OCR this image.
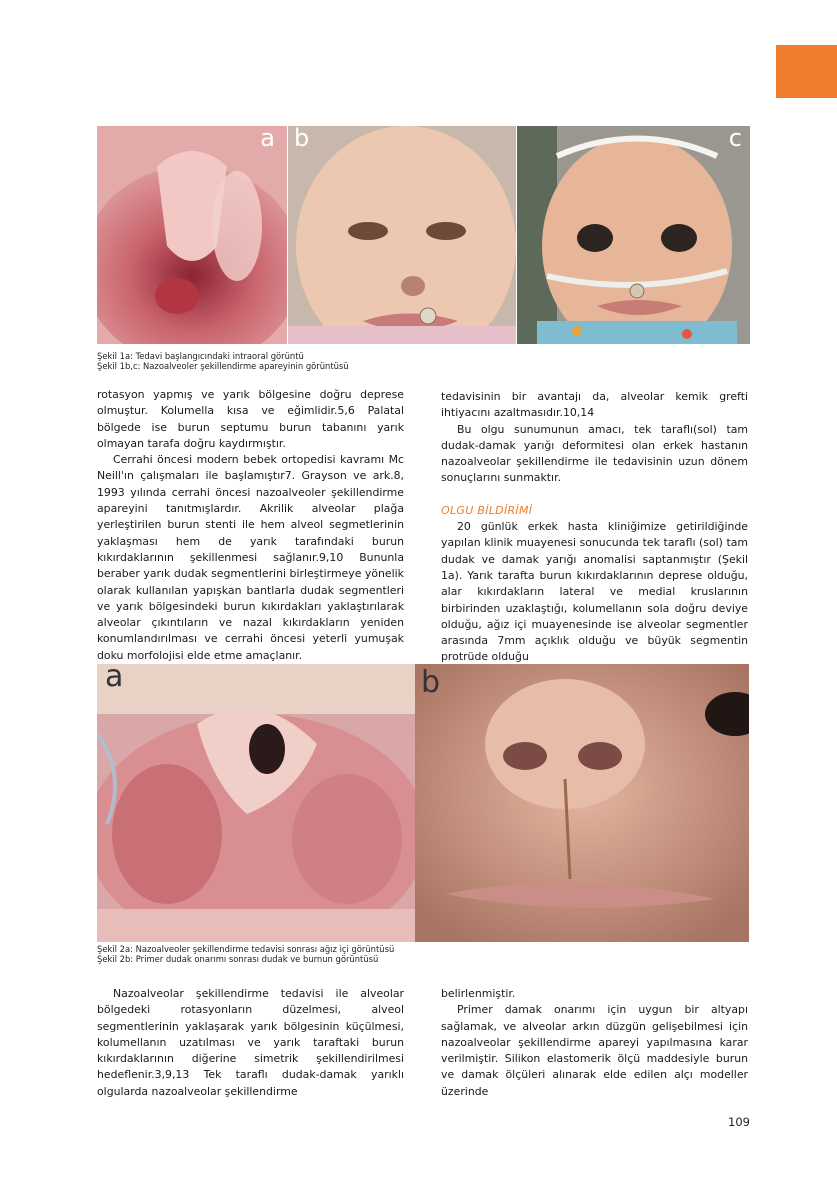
a b	c
Şekil 1a: Tedavi başlangıcındaki intraoral görüntü
Şekil 1b,c: Nazoalveoler şekillendirme apareyinin görüntüsü

rotasyon yapmış ve yarık bölgesine doğru deprese olmuştur. Kolumella kısa ve eğimlidir.5,6 Palatal bölgede ise burun septumu burun tabanını yarık olmayan tarafa doğru kaydırmıştır.

Cerrahi öncesi modern bebek ortopedisi kavramı Mc Neill'ın çalışmaları ile başlamıştır7. Grayson ve ark.8, 1993 yılında cerrahi öncesi nazoalveoler şekillendirme apareyini tanıtmışlardır. Akrilik alveolar plağa yerleştirilen burun stenti ile hem alveol segmetlerinin yaklaşması hem de yarık tarafındaki burun kıkırdaklarının şekillenmesi sağlanır.9,10 Bununla beraber yarık dudak segmentlerini birleştirmeye yönelik olarak kullanılan yapışkan bantlarla dudak segmentleri ve yarık bölgesindeki burun kıkırdakları yaklaştırılarak alveolar çıkıntıların ve nazal kıkırdakların yeniden konumlandırılması ve cerrahi öncesi yeterli yumuşak doku morfolojisi elde etme amaçlanır.

tedavisinin bir avantajı da, alveolar kemik grefti ihtiyacını azaltmasıdır.10,14

Bu olgu sunumunun amacı, tek taraflı(sol) tam dudak-damak yarığı deformitesi olan erkek hastanın nazoalveolar şekillendirme ile tedavisinin uzun dönem sonuçlarını sunmaktır.

OLGU BİLDİRİMİ

20 günlük erkek hasta kliniğimize getirildiğinde yapılan klinik muayenesi sonucunda tek taraflı (sol) tam dudak ve damak yarığı anomalisi saptanmıştır (Şekil 1a). Yarık tarafta burun kıkırdaklarının deprese olduğu, alar kıkırdakların lateral ve medial kruslarının birbirinden uzaklaştığı, kolumellanın sola doğru deviye olduğu, ağız içi muayenesinde ise alveolar segmentler arasında 7mm açıklık olduğu ve büyük segmentin protrüde olduğu

a	b
Şekil 2a: Nazoalveoler şekillendirme tedavisi sonrası ağız içi görüntüsü
Şekil 2b: Primer dudak onarımı sonrası dudak ve burnun görüntüsü

Nazoalveolar şekillendirme tedavisi ile alveolar bölgedeki rotasyonların düzelmesi, alveol segmentlerinin yaklaşarak yarık bölgesinin küçülmesi, kolumellanın uzatılması ve yarık taraftaki burun kıkırdaklarının diğerine simetrik şekillendirilmesi hedeflenir.3,9,13 Tek taraflı dudak-damak yarıklı olgularda nazoalveolar şekillendirme

belirlenmiştir.

Primer damak onarımı için uygun bir altyapı sağlamak, ve alveolar arkın düzgün gelişebilmesi için nazoalveolar şekillendirme apareyi yapılmasına karar verilmiştir. Silikon elastomerik ölçü maddesiyle burun ve damak ölçüleri alınarak elde edilen alçı modeller üzerinde

109
